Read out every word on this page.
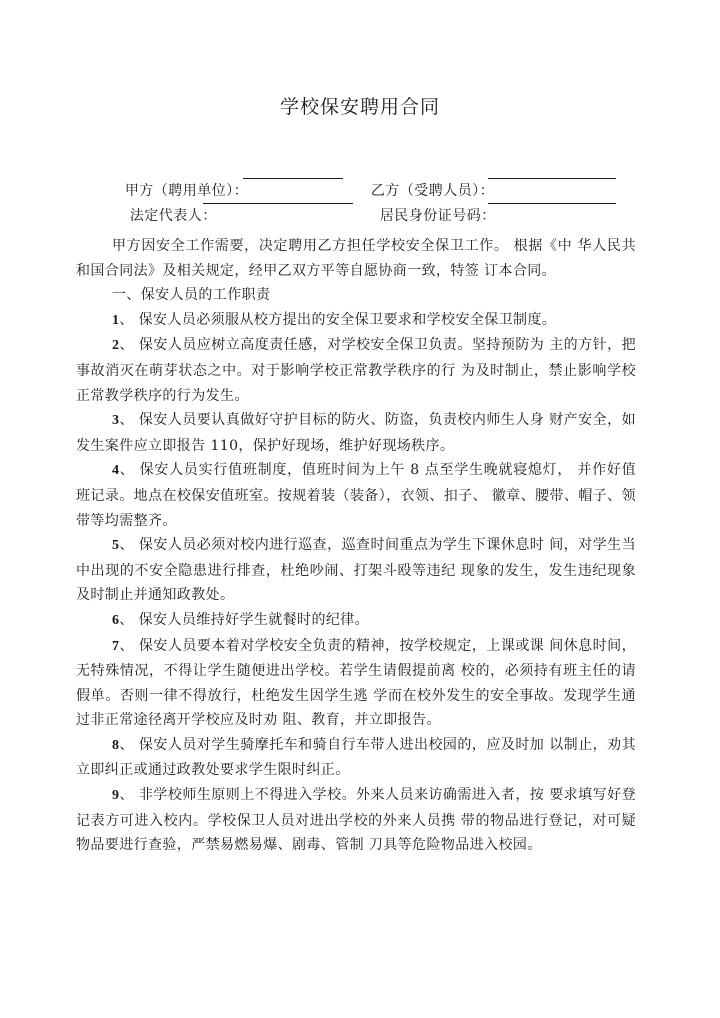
学校保安聘用合同

甲方（聘用单位）：
	乙方（受聘人员）：

法定代表人：
	居民身份证号码：

甲方因安全工作需要，决定聘用乙方担任学校安全保卫工作。 根据《中 华人民共和国合同法》及相关规定，经甲乙双方平等自愿协商一致，特签 订本合同。

一、保安人员的工作职责

1、 保安人员必须服从校方提出的安全保卫要求和学校安全保卫制度。

2、 保安人员应树立高度责任感，对学校安全保卫负责。坚持预防为 主的方针，把事故消灭在萌芽状态之中。对于影响学校正常教学秩序的行 为及时制止，禁止影响学校正常教学秩序的行为发生。

3、 保安人员要认真做好守护目标的防火、防盗，负责校内师生人身 财产安全，如发生案件应立即报告 110，保护好现场，维护好现场秩序。

4、 保安人员实行值班制度，值班时间为上午 8 点至学生晚就寝熄灯， 并作好值班记录。地点在校保安值班室。按规着装（装备），衣领、扣子、 徽章、腰带、帽子、领带等均需整齐。

5、 保安人员必须对校内进行巡查，巡查时间重点为学生下课休息时 间，对学生当中出现的不安全隐患进行排查，杜绝吵闹、打架斗殴等违纪 现象的发生，发生违纪现象及时制止并通知政教处。

6、 保安人员维持好学生就餐时的纪律。

7、 保安人员要本着对学校安全负责的精神，按学校规定，上课或课 间休息时间，无特殊情况，不得让学生随便进出学校。若学生请假提前离 校的，必须持有班主任的请假单。否则一律不得放行，杜绝发生因学生逃 学而在校外发生的安全事故。发现学生通过非正常途径离开学校应及时劝 阻、教育，并立即报告。

8、 保安人员对学生骑摩托车和骑自行车带人进出校园的，应及时加 以制止，劝其立即纠正或通过政教处要求学生限时纠正。

9、 非学校师生原则上不得进入学校。外来人员来访确需进入者，按 要求填写好登记表方可进入校内。学校保卫人员对进出学校的外来人员携 带的物品进行登记，对可疑物品要进行查验，严禁易燃易爆、剧毒、管制 刀具等危险物品进入校园。
